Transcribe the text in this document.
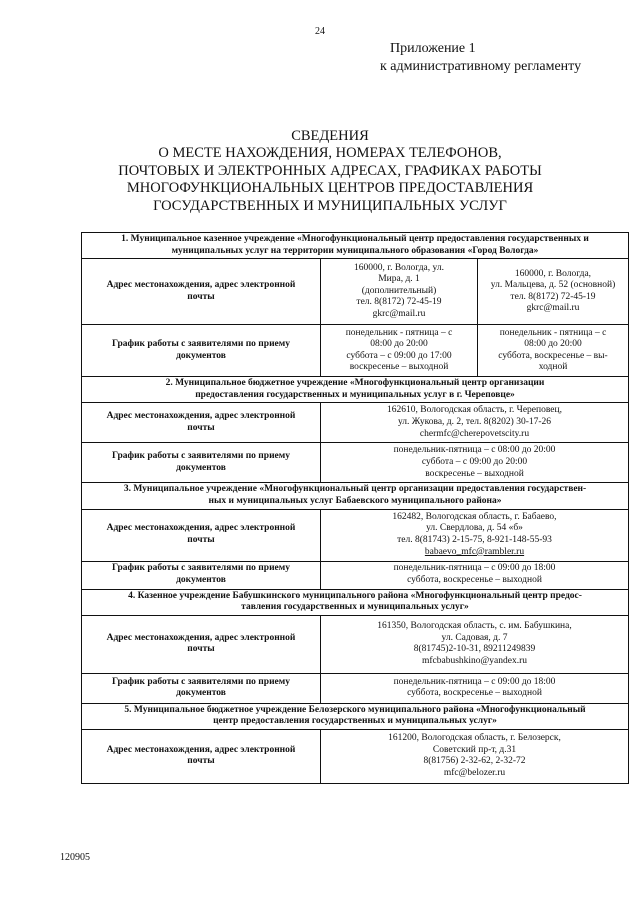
24
Приложение 1
к административному регламенту
СВЕДЕНИЯ
О МЕСТЕ НАХОЖДЕНИЯ, НОМЕРАХ ТЕЛЕФОНОВ,
ПОЧТОВЫХ И ЭЛЕКТРОННЫХ АДРЕСАХ, ГРАФИКАХ РАБОТЫ
МНОГОФУНКЦИОНАЛЬНЫХ ЦЕНТРОВ ПРЕДОСТАВЛЕНИЯ
ГОСУДАРСТВЕННЫХ И МУНИЦИПАЛЬНЫХ УСЛУГ
1. Муниципальное казенное учреждение «Многофункциональный центр предоставления государственных и
муниципальных услуг на территории муниципального образования «Город Вологда»		

Адрес местонахождения, адрес электронной
почты	160000, г. Вологда, ул.
Мира, д. 1
(дополнительный)
тел. 8(8172) 72-45-19
gkrc@mail.ru	160000, г. Вологда,
ул. Мальцева, д. 52 (основной)
тел. 8(8172) 72-45-19
gkrc@mail.ru

График работы с заявителями по приему
документов	понедельник - пятница – с
08:00 до 20:00
суббота – с 09:00 до 17:00
воскресенье – выходной	понедельник - пятница – с
08:00 до 20:00
суббота, воскресенье – вы-
ходной

2. Муниципальное бюджетное учреждение «Многофункциональный центр организации
предоставления государственных и муниципальных услуг в г. Череповце»		

Адрес местонахождения, адрес электронной
почты	162610, Вологодская область, г. Череповец,
ул. Жукова, д. 2, тел. 8(8202) 30-17-26
chermfc@cherepovetscity.ru	

График работы с заявителями по приему
документов	понедельник-пятница – с 08:00 до 20:00
суббота – с 09:00 до 20:00
воскресенье – выходной	

3. Муниципальное учреждение «Многофункциональный центр организации предоставления государствен-
ных и муниципальных услуг Бабаевского муниципального района»		

Адрес местонахождения, адрес электронной
почты	162482, Вологодская область, г. Бабаево,
ул. Свердлова, д. 54 «б»
тел. 8(81743) 2-15-75, 8-921-148-55-93
babaevo_mfc@rambler.ru	

График работы с заявителями по приему
документов	понедельник-пятница – с 09:00 до 18:00
суббота, воскресенье – выходной	

4. Казенное учреждение Бабушкинского муниципального района «Многофункциональный центр предос-
тавления государственных и муниципальных услуг»		

Адрес местонахождения, адрес электронной
почты	161350, Вологодская область, с. им. Бабушкина,
ул. Садовая, д. 7
8(81745)2-10-31, 89211249839
mfcbabushkino@yandex.ru	

График работы с заявителями по приему
документов	понедельник-пятница – с 09:00 до 18:00
суббота, воскресенье – выходной	

5. Муниципальное бюджетное учреждение Белозерского муниципального района «Многофункциональный
центр предоставления государственных и муниципальных услуг»		

Адрес местонахождения, адрес электронной
почты	161200, Вологодская область, г. Белозерск,
Советский пр-т, д.31
8(81756) 2-32-62, 2-32-72
mfc@belozer.ru	
120905
